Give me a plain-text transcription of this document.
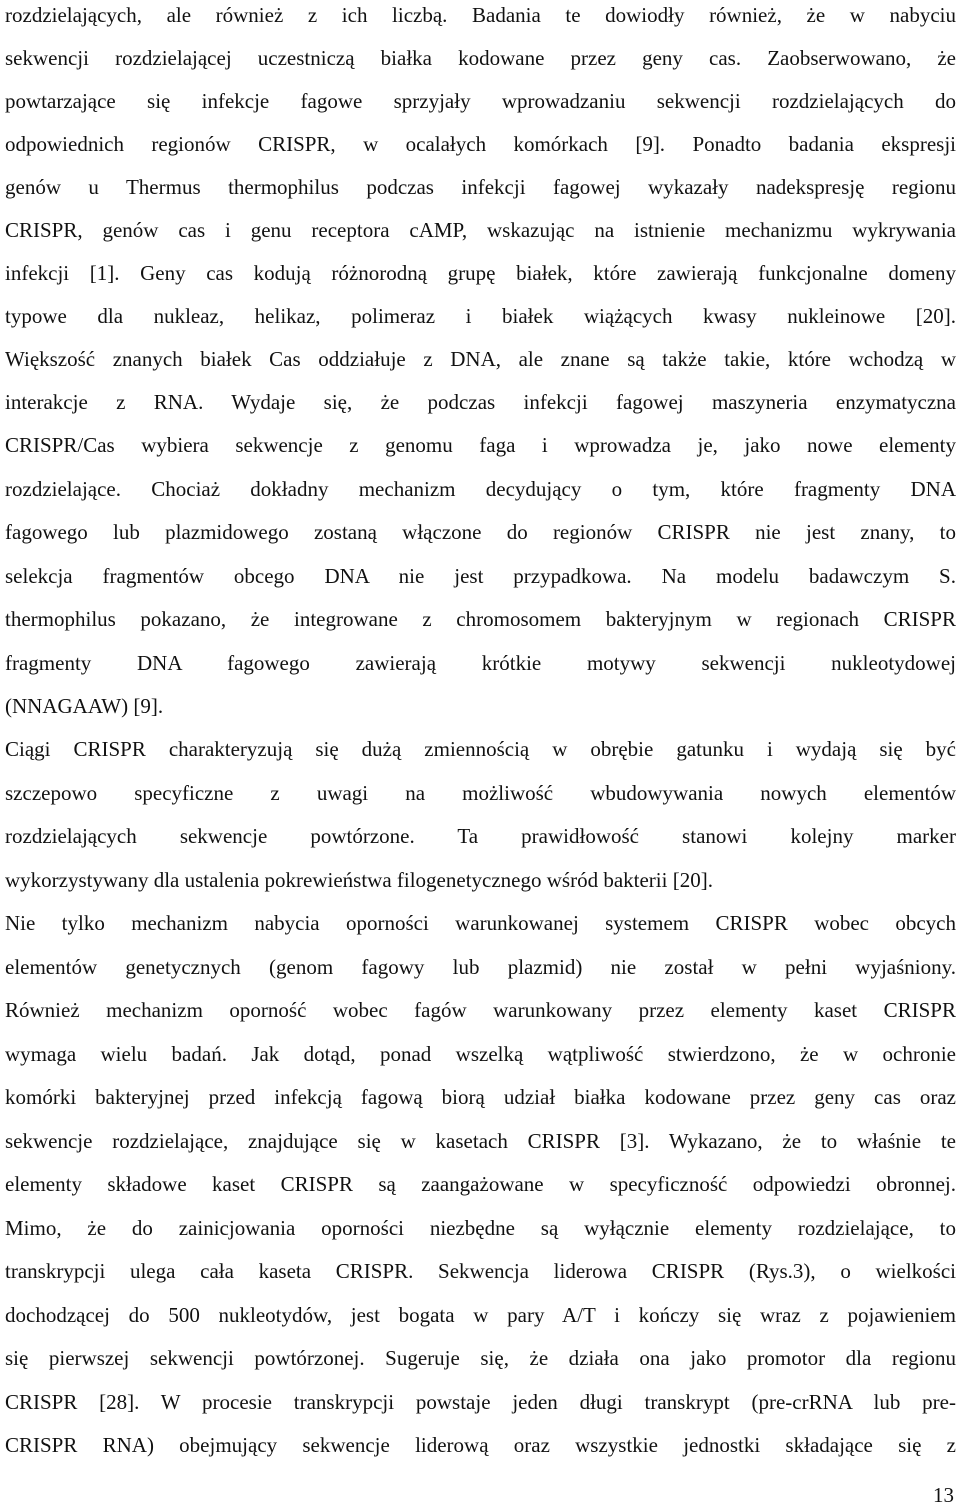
rozdzielających, ale również z ich liczbą. Badania te dowiodły również, że w nabyciu
sekwencji rozdzielającej uczestniczą białka kodowane przez geny cas. Zaobserwowano, że
powtarzające się infekcje fagowe sprzyjały wprowadzaniu sekwencji rozdzielających do
odpowiednich regionów CRISPR, w ocalałych komórkach [9]. Ponadto badania ekspresji
genów u Thermus thermophilus podczas infekcji fagowej wykazały nadekspresję regionu
CRISPR, genów cas i genu receptora cAMP, wskazując na istnienie mechanizmu wykrywania
infekcji [1]. Geny cas kodują różnorodną grupę białek, które zawierają funkcjonalne domeny
typowe dla nukleaz, helikaz, polimeraz i białek wiążących kwasy nukleinowe [20].
Większość znanych białek Cas oddziałuje z DNA, ale znane są także takie, które wchodzą w
interakcje z RNA. Wydaje się, że podczas infekcji fagowej maszyneria enzymatyczna
CRISPR/Cas wybiera sekwencje z genomu faga i wprowadza je, jako nowe elementy
rozdzielające. Chociaż dokładny mechanizm decydujący o tym, które fragmenty DNA
fagowego lub plazmidowego zostaną włączone do regionów CRISPR nie jest znany, to
selekcja fragmentów obcego DNA nie jest przypadkowa. Na modelu badawczym S.
thermophilus pokazano, że integrowane z chromosomem bakteryjnym w regionach CRISPR
fragmenty DNA fagowego zawierają krótkie motywy sekwencji nukleotydowej
(NNAGAAW) [9].
Ciągi CRISPR charakteryzują się dużą zmiennością w obrębie gatunku i wydają się być
szczepowo specyficzne z uwagi na możliwość wbudowywania nowych elementów
rozdzielających sekwencje powtórzone. Ta prawidłowość stanowi kolejny marker
wykorzystywany dla ustalenia pokrewieństwa filogenetycznego wśród bakterii [20].
Nie tylko mechanizm nabycia oporności warunkowanej systemem CRISPR wobec obcych
elementów genetycznych (genom fagowy lub plazmid) nie został w pełni wyjaśniony.
Również mechanizm oporność wobec fagów warunkowany przez elementy kaset CRISPR
wymaga wielu badań. Jak dotąd, ponad wszelką wątpliwość stwierdzono, że w ochronie
komórki bakteryjnej przed infekcją fagową biorą udział białka kodowane przez geny cas oraz
sekwencje rozdzielające, znajdujące się w kasetach CRISPR [3]. Wykazano, że to właśnie te
elementy składowe kaset CRISPR są zaangażowane w specyficzność odpowiedzi obronnej.
Mimo, że do zainicjowania oporności niezbędne są wyłącznie elementy rozdzielające, to
transkrypcji ulega cała kaseta CRISPR. Sekwencja liderowa CRISPR (Rys.3), o wielkości
dochodzącej do 500 nukleotydów, jest bogata w pary A/T i kończy się wraz z pojawieniem
się pierwszej sekwencji powtórzonej. Sugeruje się, że działa ona jako promotor dla regionu
CRISPR [28]. W procesie transkrypcji powstaje jeden długi transkrypt (pre-crRNA lub pre-
CRISPR RNA) obejmujący sekwencje liderową oraz wszystkie jednostki składające się z
13
